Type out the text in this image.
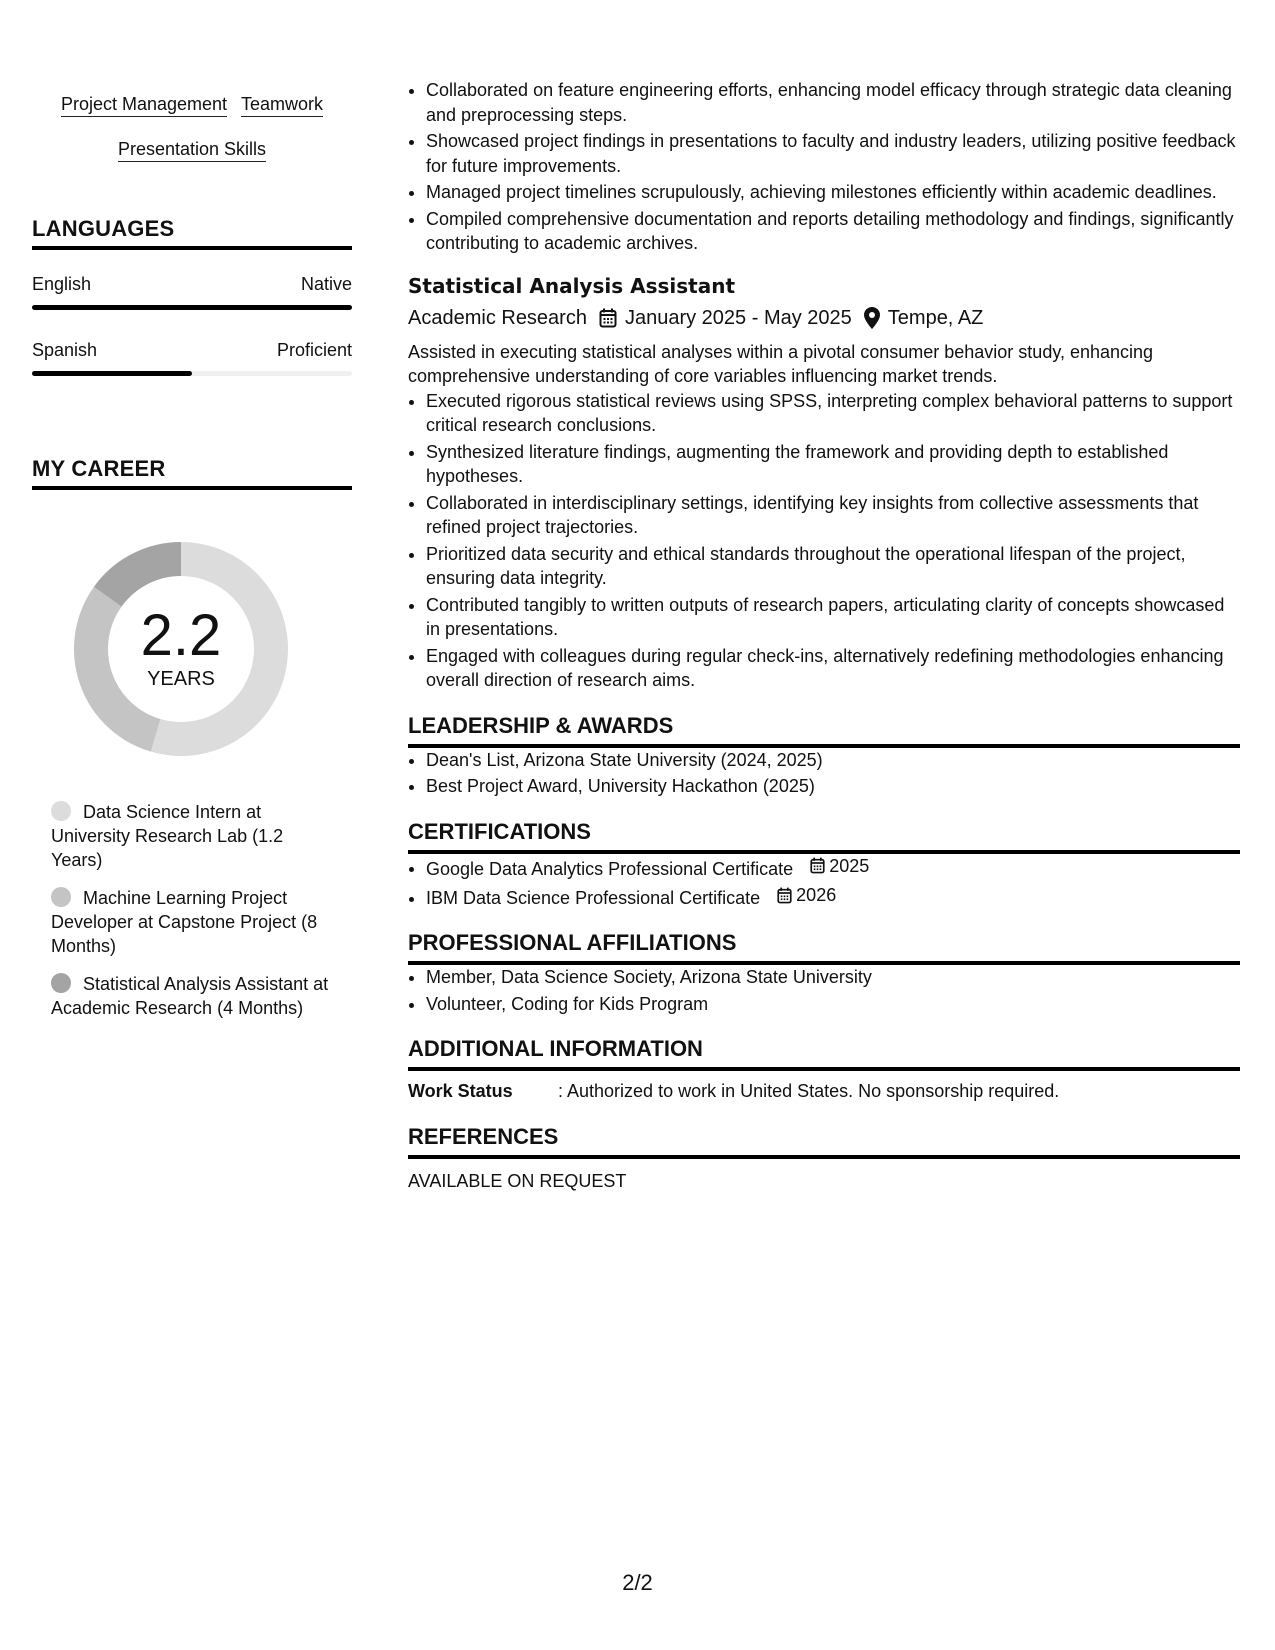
Project Management Teamwork
Presentation Skills
LANGUAGES
English	Native
Spanish	Proficient
MY CAREER
2.2
YEARS
Data Science Intern at University Research Lab (1.2 Years)
Machine Learning Project Developer at Capstone Project (8 Months)
Statistical Analysis Assistant at Academic Research (4 Months)
• Collaborated on feature engineering efforts, enhancing model efficacy through strategic data cleaning and preprocessing steps.
• Showcased project findings in presentations to faculty and industry leaders, utilizing positive feedback for future improvements.
• Managed project timelines scrupulously, achieving milestones efficiently within academic deadlines.
• Compiled comprehensive documentation and reports detailing methodology and findings, significantly contributing to academic archives.
Statistical Analysis Assistant
Academic Research January 2025 - May 2025 Tempe, AZ
Assisted in executing statistical analyses within a pivotal consumer behavior study, enhancing comprehensive understanding of core variables influencing market trends.
• Executed rigorous statistical reviews using SPSS, interpreting complex behavioral patterns to support critical research conclusions.
• Synthesized literature findings, augmenting the framework and providing depth to established hypotheses.
• Collaborated in interdisciplinary settings, identifying key insights from collective assessments that refined project trajectories.
• Prioritized data security and ethical standards throughout the operational lifespan of the project, ensuring data integrity.
• Contributed tangibly to written outputs of research papers, articulating clarity of concepts showcased in presentations.
• Engaged with colleagues during regular check-ins, alternatively redefining methodologies enhancing overall direction of research aims.
LEADERSHIP & AWARDS
• Dean's List, Arizona State University (2024, 2025)
• Best Project Award, University Hackathon (2025)
CERTIFICATIONS
• Google Data Analytics Professional Certificate 2025
• IBM Data Science Professional Certificate 2026
PROFESSIONAL AFFILIATIONS
• Member, Data Science Society, Arizona State University
• Volunteer, Coding for Kids Program
ADDITIONAL INFORMATION
Work Status	: Authorized to work in United States. No sponsorship required.
REFERENCES
AVAILABLE ON REQUEST
2/2
